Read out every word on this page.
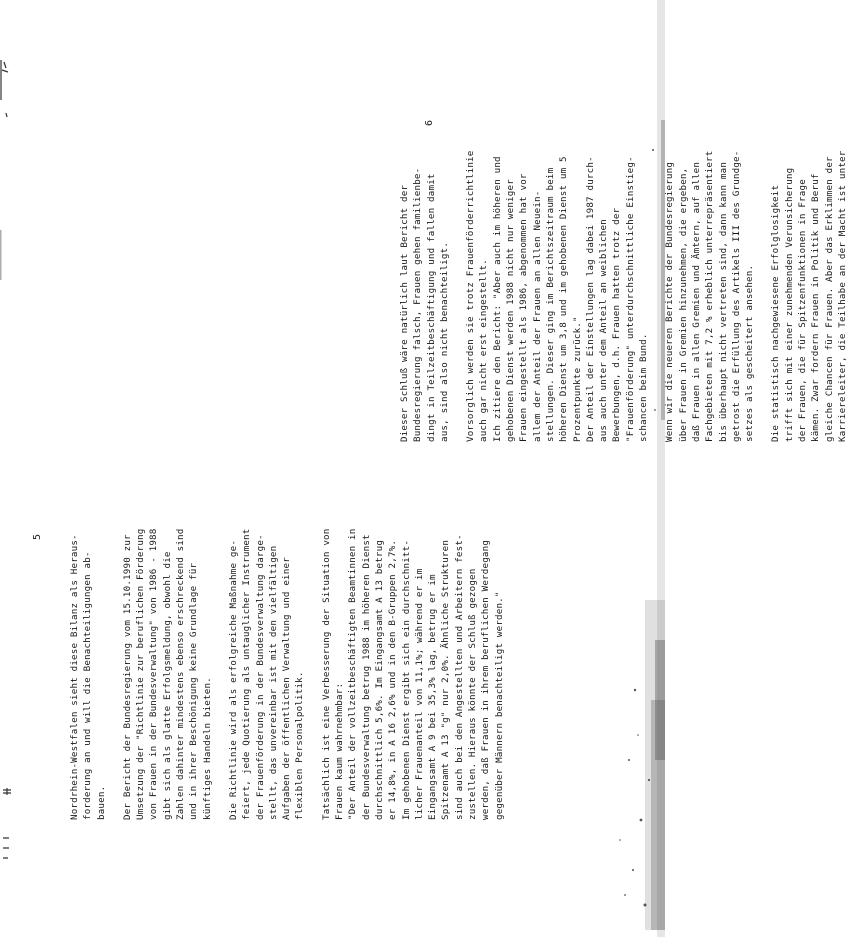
5
6
Nordrhein-Westfalen sieht diese Bilanz als Heraus- forderung an und will die Benachteiligungen ab- bauen. Der Bericht der Bundesregierung vom 15.10.1990 zur Umsetzung der "Richtlinie zur beruflichen Förderung von Frauen in der Bundesverwaltung" von 1986 - 1988 gibt sich als glatte Erfolgsmeldung, obwohl die Zahlen dahinter mindestens ebenso erschreckend sind und in ihrer Beschönigung keine Grundlage für künftiges Handeln bieten. Die Richtlinie wird als erfolgreiche Maßnahme ge- feiert, jede Quotierung als untauglicher Instrument der Frauenförderung in der Bundesverwaltung darge- stellt, das unvereinbar ist mit den vielfältigen Aufgaben der öffentlichen Verwaltung und einer flexiblen Personalpolitik. Tatsächlich ist eine Verbesserung der Situation von Frauen kaum wahrnehmbar: "Der Anteil der vollzeitbeschäftigten Beamtinnen in der Bundesverwaltung betrug 1988 im höheren Dienst durchschnittlich 5,6%. Im Eingangsamt A 13 betrug er 14,8%, in A 16 2,6% und in den B-Gruppen 2,7%. Im gehobenen Dienst ergibt sich ein durchschnitt- licher Frauenanteil von 11,1%; während er im Eingangsamt A 9 bei 35,3% lag, betrug er im Spitzenamt A 13 "g" nur 2,0%. Ähnliche Strukturen sind auch bei den Angestellten und Arbeitern fest- zustellen. Hieraus könnte der Schluß gezogen werden, daß Frauen in ihrem beruflichen Werdegang gegenüber Männern benachteiligt werden."
Dieser Schluß wäre natürlich laut Bericht der Bundesregierung falsch, Frauen gehen familienbe- dingt in Teilzeitbeschäftigung und fallen damit aus, sind also nicht benachteiligt. Vorsorglich werden sie trotz Frauenförderrichtlinie auch gar nicht erst eingestellt. Ich zitiere den Bericht: "Aber auch im höheren und gehobenen Dienst werden 1988 nicht nur weniger Frauen eingestellt als 1986, abgenommen hat vor allem der Anteil der Frauen an allen Neuein- stellungen. Dieser ging im Berichtszeitraum beim höheren Dienst um 3,8 und im gehobenen Dienst um 5 Prozentpunkte zurück." Der Anteil der Einstellungen lag dabei 1987 durch- aus auch unter dem Anteil an weiblichen Bewerbungen, d.h. Frauen hatten trotz der "Frauenförderung" unterdurchschnittliche Einstieg- schancen beim Bund. Wenn wir die neueren Berichte der Bundesregierung über Frauen in Gremien hinzunehmen, die ergeben, daß Frauen in allen Gremien und Ämtern, auf allen Fachgebieten mit 7,2 % erheblich unterrepräsentiert bis überhaupt nicht vertreten sind, dann kann man getrost die Erfüllung des Artikels III des Grundge- setzes als gescheitert ansehen. Die statistisch nachgewiesene Erfolglosigkeit trifft sich mit einer zunehmenden Verunsicherung der Frauen, die für Spitzenfunktionen in Frage kämen. Zwar fordern Frauen in Politik und Beruf gleiche Chancen für Frauen. Aber das Erklimmen der Karriereleiter, die Teilhabe an der Macht ist unter
